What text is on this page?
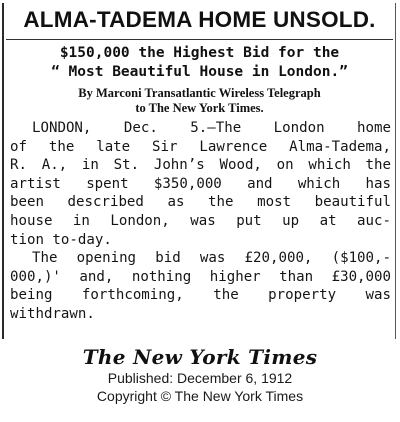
ALMA-TADEMA HOME UNSOLD.
$150,000 the Highest Bid for the
“ Most Beautiful House in London.”
By Marconi Transatlantic Wireless Telegraph
to The New York Times.
LONDON, Dec. 5.—The London home
of the late Sir Lawrence Alma-Tadema,
R. A., in St. John’s Wood, on which the
artist spent $350,000 and which has
been described as the most beautiful
house in London, was put up at auc-
tion to-day.
The opening bid was £20,000, ($100,-
000,)' and, nothing higher than £30,000
being forthcoming, the property was
withdrawn.
The New York Times
Published: December 6, 1912
Copyright © The New York Times
